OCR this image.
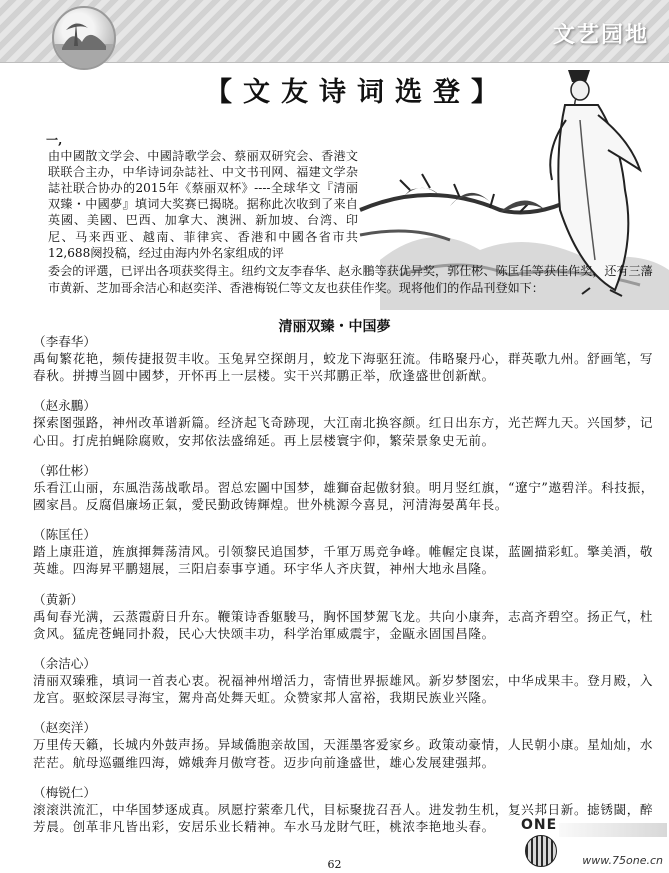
文艺园地
【文友诗词选登】
一,
由中國散文学会、中國詩歌学会、蔡丽双研究会、香港文联联合主办，中华诗词杂誌社、中文书刊网、福建文学杂誌社联合协办的2015年《蔡丽双杯》----全球华文『清丽双臻・中國夢』填词大奖赛已揭晓。据称此次收到了来自英國、美國、巴西、加拿大、澳洲、新加坡、台湾、印尼、马来西亚、越南、菲律宾、香港和中國各省市共12,688阕投稿，经过由海内外名家组成的评
委会的评選，已评出各项获奖得主。纽约文友李春华、赵永鵬等获优异奖，郭仕彬、陈匡任等获佳作奖，还有三藩市黄新、芝加哥余洁心和赵奕洋、香港梅锐仁等文友也获佳作奖。现将他们的作品刊登如下：
清丽双臻・中国夢
（李春华）
禹甸繁花艳，频传捷报贺丰收。玉兔昇空探朗月，蛟龙下海驱狂流。伟略聚丹心，群英歌九州。舒画笔，写春秋。拼搏当圆中國梦，开怀再上一层楼。实干兴邦鹏正举，欣逢盛世创新猷。
（赵永鵬）
探索图强路，神州改革谱新篇。经济起飞奇跡现，大江南北换容颜。红日出东方，光芒辉九天。兴国梦，记心田。打虎拍蝇除腐败，安邦依法盛绵延。再上层楼寰宇仰，繁荣景象史无前。
（郭仕彬）
乐看江山丽，东風浩荡战歌昂。習总宏圖中国梦，雄獅奋起傲豺狼。明月竖红旗，“遼宁”遨碧洋。科技振，國家昌。反腐倡廉场正氣，愛民勤政铸輝煌。世外桃源今喜見，河清海晏萬年長。
（陈匡任）
踏上康莊道，旌旗揮舞荡清风。引领黎民追国梦，千軍万馬竞争峰。帷幄定良谋，蓝圖描彩虹。擎美酒，敬英雄。四海昇平鹏翅展，三阳启泰事亨通。环宇华人齐庆賀，神州大地永昌隆。
（黄新）
禹甸春光满，云蒸霞蔚日升东。鞭策诗香躯駿马，胸怀国梦駕飞龙。共向小康奔，志高齐碧空。扬正气，杜贪风。猛虎苍蝇同扑殺，民心大快颂丰功，科学治軍威震宇，金甌永固国昌隆。
（余洁心）
清丽双臻雅，填词一首表心衷。祝福神州增活力，寄情世界振雄风。新岁梦图宏，中华成果丰。登月殿，入龙宫。驱蛟深层寻海宝，駕舟高处舞天虹。众赞家邦人富裕，我期民族业兴隆。
（赵奕洋）
万里传天籟，长城内外鼓声扬。异域僑胞亲故国，天涯墨客爱家乡。政策动豪情，人民朝小康。星灿灿，水茫茫。航母巡疆维四海，嫦娥奔月傲穹苍。迈步向前逢盛世，雄心发展建强邦。
（梅锐仁）
滚滚洪流汇，中华国梦逐成真。夙愿拧萦牽几代，目标聚拢召吾人。进发勃生机，复兴邦日新。摅锈閾，醉芳晨。创革非凡皆出彩，安居乐业长精神。车水马龙財气旺，桃浓李艳地头春。
62
ONE
www.75one.cn
